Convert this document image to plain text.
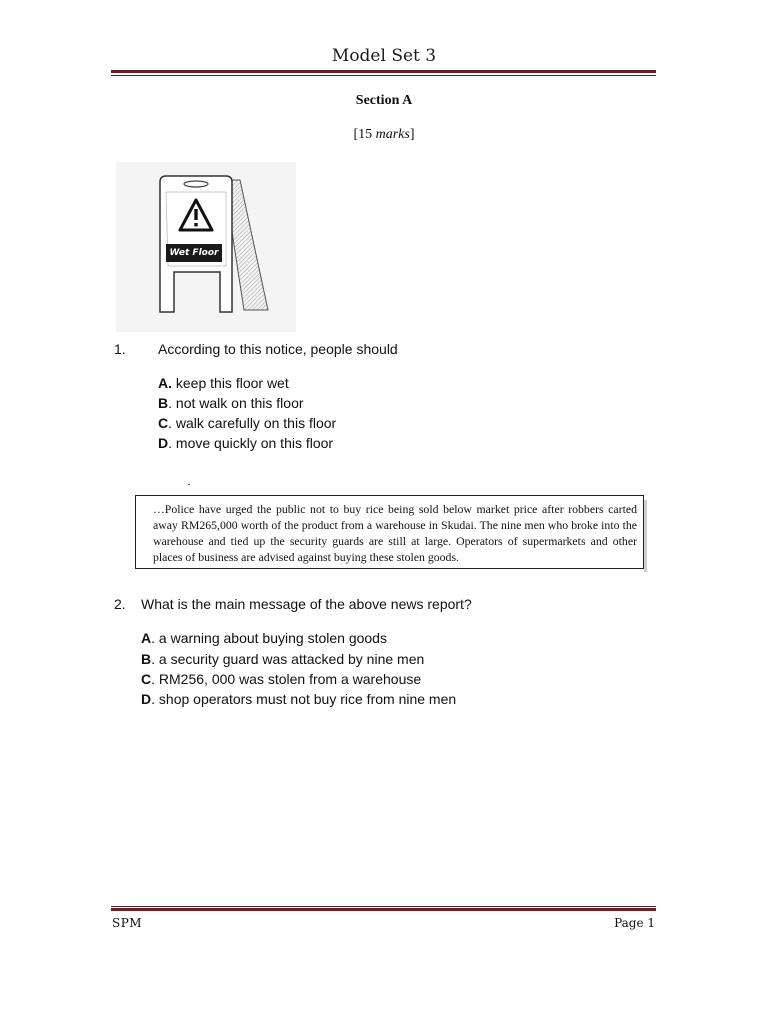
Model Set 3
Section A
[15 marks]
Wet Floor
1. According to this notice, people should
A. keep this floor wet
B. not walk on this floor
C. walk carefully on this floor
D. move quickly on this floor
…Police have urged the public not to buy rice being sold below market price after robbers carted away RM265,000 worth of the product from a warehouse in Skudai. The nine men who broke into the warehouse and tied up the security guards are still at large. Operators of supermarkets and other places of business are advised against buying these stolen goods.
2. What is the main message of the above news report?
A. a warning about buying stolen goods
B. a security guard was attacked by nine men
C. RM256, 000 was stolen from a warehouse
D. shop operators must not buy rice from nine men
SPM	Page 1
